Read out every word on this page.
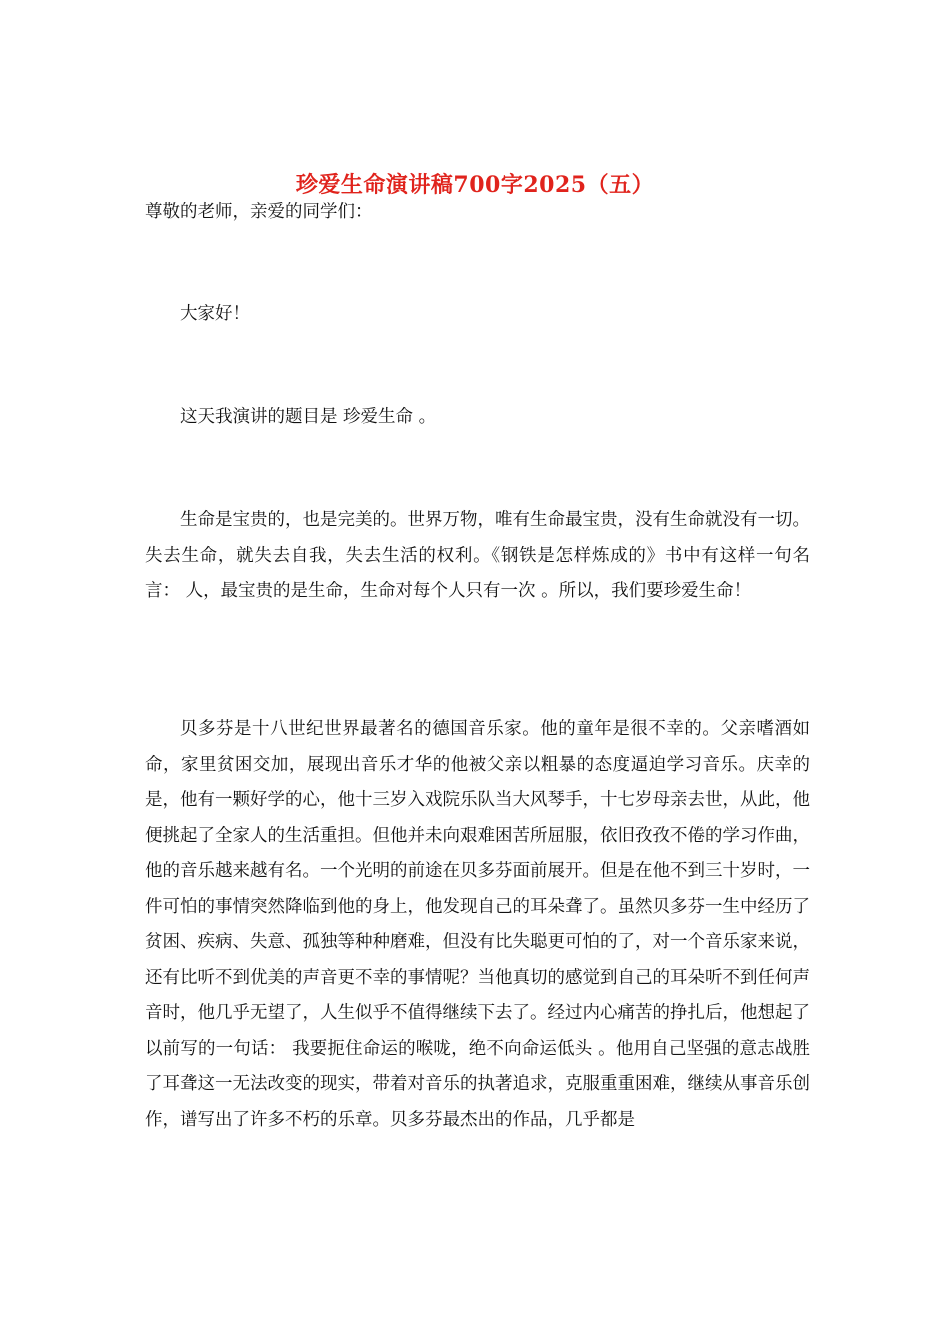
珍爱生命演讲稿700字2025（五）

尊敬的老师，亲爱的同学们：

大家好！

这天我演讲的题目是 珍爱生命 。

生命是宝贵的，也是完美的。世界万物，唯有生命最宝贵，没有生命就没有一切。失去生命，就失去自我，失去生活的权利。《钢铁是怎样炼成的》书中有这样一句名言： 人，最宝贵的是生命，生命对每个人只有一次 。所以，我们要珍爱生命！

贝多芬是十八世纪世界最著名的德国音乐家。他的童年是很不幸的。父亲嗜酒如命，家里贫困交加，展现出音乐才华的他被父亲以粗暴的态度逼迫学习音乐。庆幸的是，他有一颗好学的心，他十三岁入戏院乐队当大风琴手，十七岁母亲去世，从此，他便挑起了全家人的生活重担。但他并未向艰难困苦所屈服，依旧孜孜不倦的学习作曲，他的音乐越来越有名。一个光明的前途在贝多芬面前展开。但是在他不到三十岁时，一件可怕的事情突然降临到他的身上，他发现自己的耳朵聋了。虽然贝多芬一生中经历了贫困、疾病、失意、孤独等种种磨难，但没有比失聪更可怕的了，对一个音乐家来说，还有比听不到优美的声音更不幸的事情呢？当他真切的感觉到自己的耳朵听不到任何声音时，他几乎无望了，人生似乎不值得继续下去了。经过内心痛苦的挣扎后，他想起了以前写的一句话： 我要扼住命运的喉咙，绝不向命运低头 。他用自己坚强的意志战胜了耳聋这一无法改变的现实，带着对音乐的执著追求，克服重重困难，继续从事音乐创作，谱写出了许多不朽的乐章。贝多芬最杰出的作品，几乎都是
